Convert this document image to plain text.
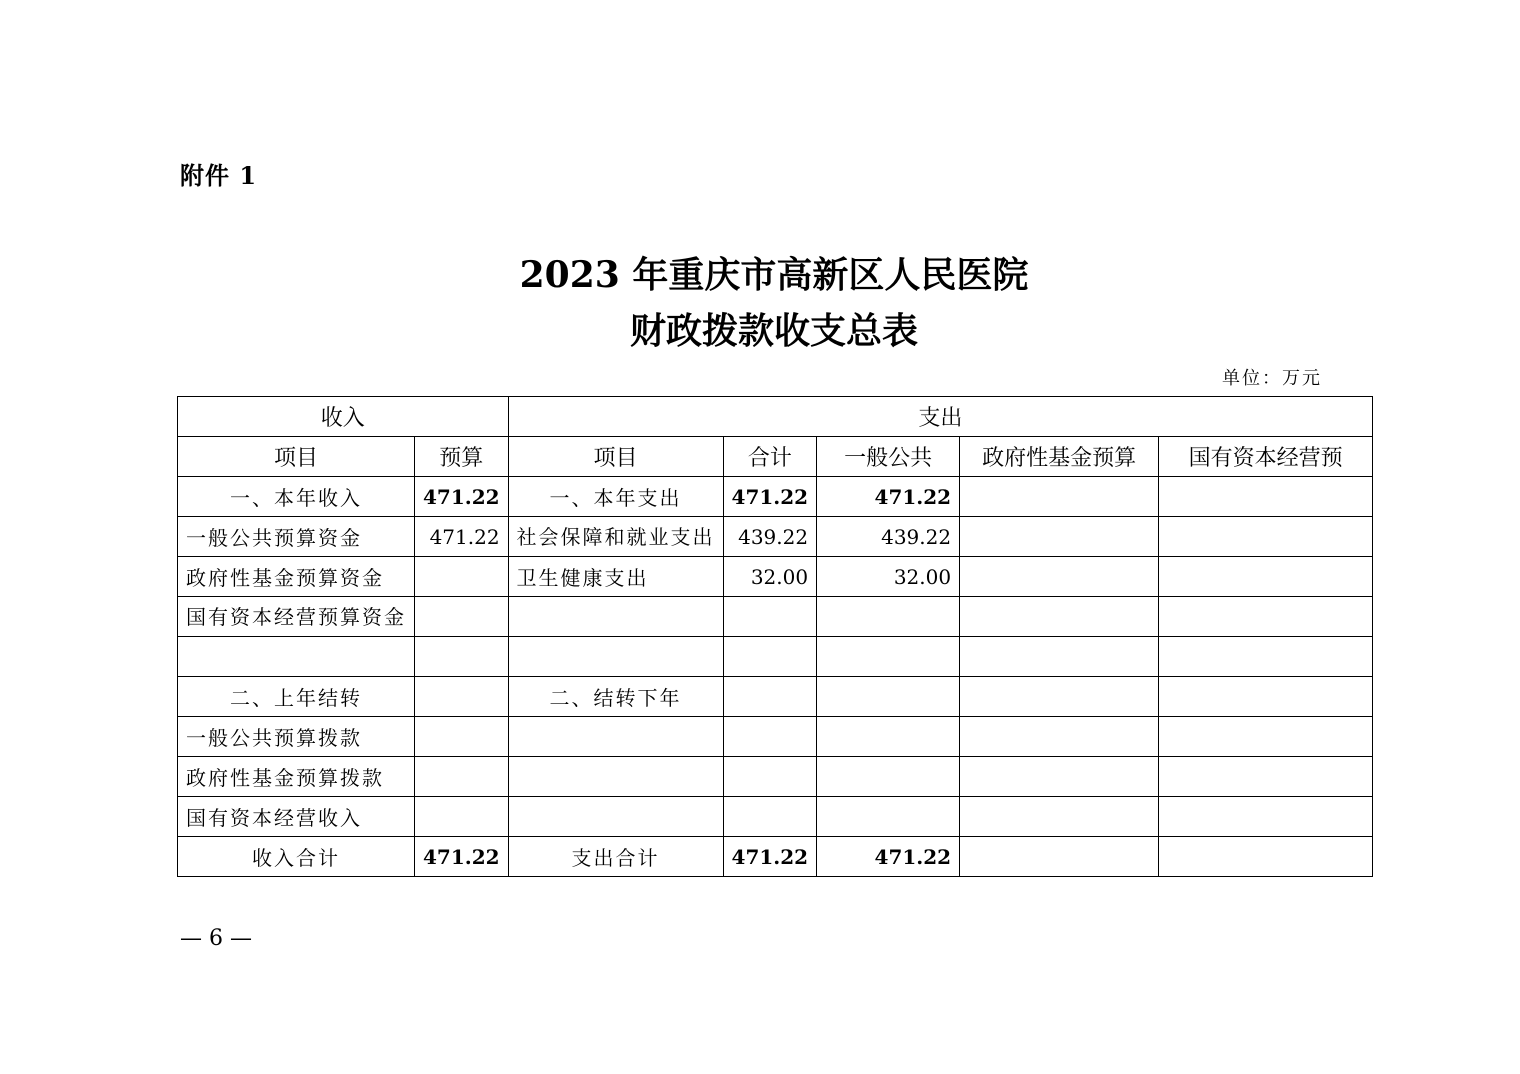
附件 1
2023 年重庆市高新区人民医院
财政拨款收支总表
单位：万元
收入		支出				
项目	预算	项目	合计	一般公共	政府性基金预算	国有资本经营预
一、本年收入	471.22	一、本年支出	471.22	471.22		
一般公共预算资金	471.22	社会保障和就业支出	439.22	439.22		
政府性基金预算资金		卫生健康支出	32.00	32.00		
国有资本经营预算资金						

二、上年结转		二、结转下年				
一般公共预算拨款						
政府性基金预算拨款						
国有资本经营收入						
收入合计	471.22	支出合计	471.22	471.22		
— 6 —
